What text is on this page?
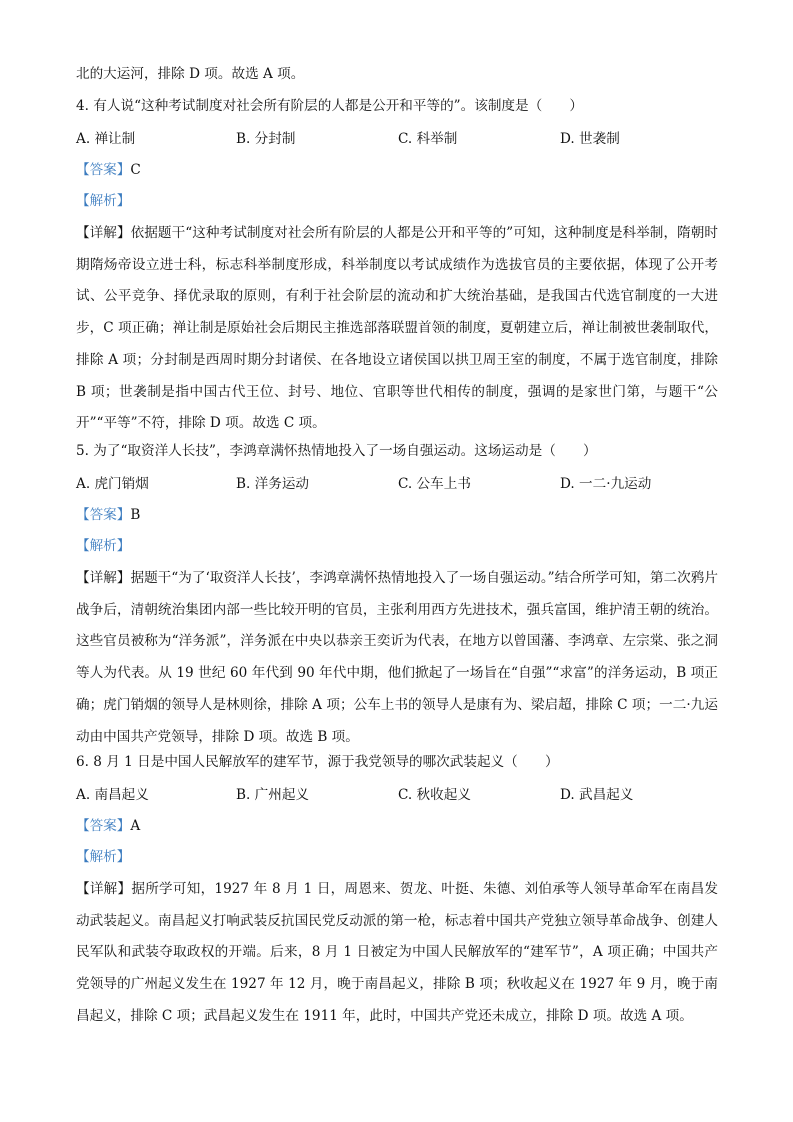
北的大运河，排除 D 项。故选 A 项。
4. 有人说“这种考试制度对社会所有阶层的人都是公开和平等的”。该制度是（　　）
A. 禅让制	B. 分封制	C. 科举制	D. 世袭制
【答案】C
【解析】
【详解】依据题干“这种考试制度对社会所有阶层的人都是公开和平等的”可知，这种制度是科举制，隋朝时期隋炀帝设立进士科，标志科举制度形成，科举制度以考试成绩作为选拔官员的主要依据，体现了公开考试、公平竞争、择优录取的原则，有利于社会阶层的流动和扩大统治基础，是我国古代选官制度的一大进步，C 项正确；禅让制是原始社会后期民主推选部落联盟首领的制度，夏朝建立后，禅让制被世袭制取代，排除 A 项；分封制是西周时期分封诸侯、在各地设立诸侯国以拱卫周王室的制度，不属于选官制度，排除 B 项；世袭制是指中国古代王位、封号、地位、官职等世代相传的制度，强调的是家世门第，与题干“公开”“平等”不符，排除 D 项。故选 C 项。
5. 为了“取资洋人长技”，李鸿章满怀热情地投入了一场自强运动。这场运动是（　　）
A. 虎门销烟	B. 洋务运动	C. 公车上书	D. 一二·九运动
【答案】B
【解析】
【详解】据题干“为了‘取资洋人长技’，李鸿章满怀热情地投入了一场自强运动。”结合所学可知，第二次鸦片战争后，清朝统治集团内部一些比较开明的官员，主张利用西方先进技术，强兵富国，维护清王朝的统治。这些官员被称为“洋务派”，洋务派在中央以恭亲王奕䜣为代表，在地方以曾国藩、李鸿章、左宗棠、张之洞等人为代表。从 19 世纪 60 年代到 90 年代中期，他们掀起了一场旨在“自强”“求富”的洋务运动，B 项正确；虎门销烟的领导人是林则徐，排除 A 项；公车上书的领导人是康有为、梁启超，排除 C 项；一二·九运动由中国共产党领导，排除 D 项。故选 B 项。
6. 8 月 1 日是中国人民解放军的建军节，源于我党领导的哪次武装起义（　　）
A. 南昌起义	B. 广州起义	C. 秋收起义	D. 武昌起义
【答案】A
【解析】
【详解】据所学可知，1927 年 8 月 1 日，周恩来、贺龙、叶挺、朱德、刘伯承等人领导革命军在南昌发动武装起义。南昌起义打响武装反抗国民党反动派的第一枪，标志着中国共产党独立领导革命战争、创建人民军队和武装夺取政权的开端。后来，8 月 1 日被定为中国人民解放军的“建军节”，A 项正确；中国共产党领导的广州起义发生在 1927 年 12 月，晚于南昌起义，排除 B 项；秋收起义在 1927 年 9 月，晚于南昌起义，排除 C 项；武昌起义发生在 1911 年，此时，中国共产党还未成立，排除 D 项。故选 A 项。
